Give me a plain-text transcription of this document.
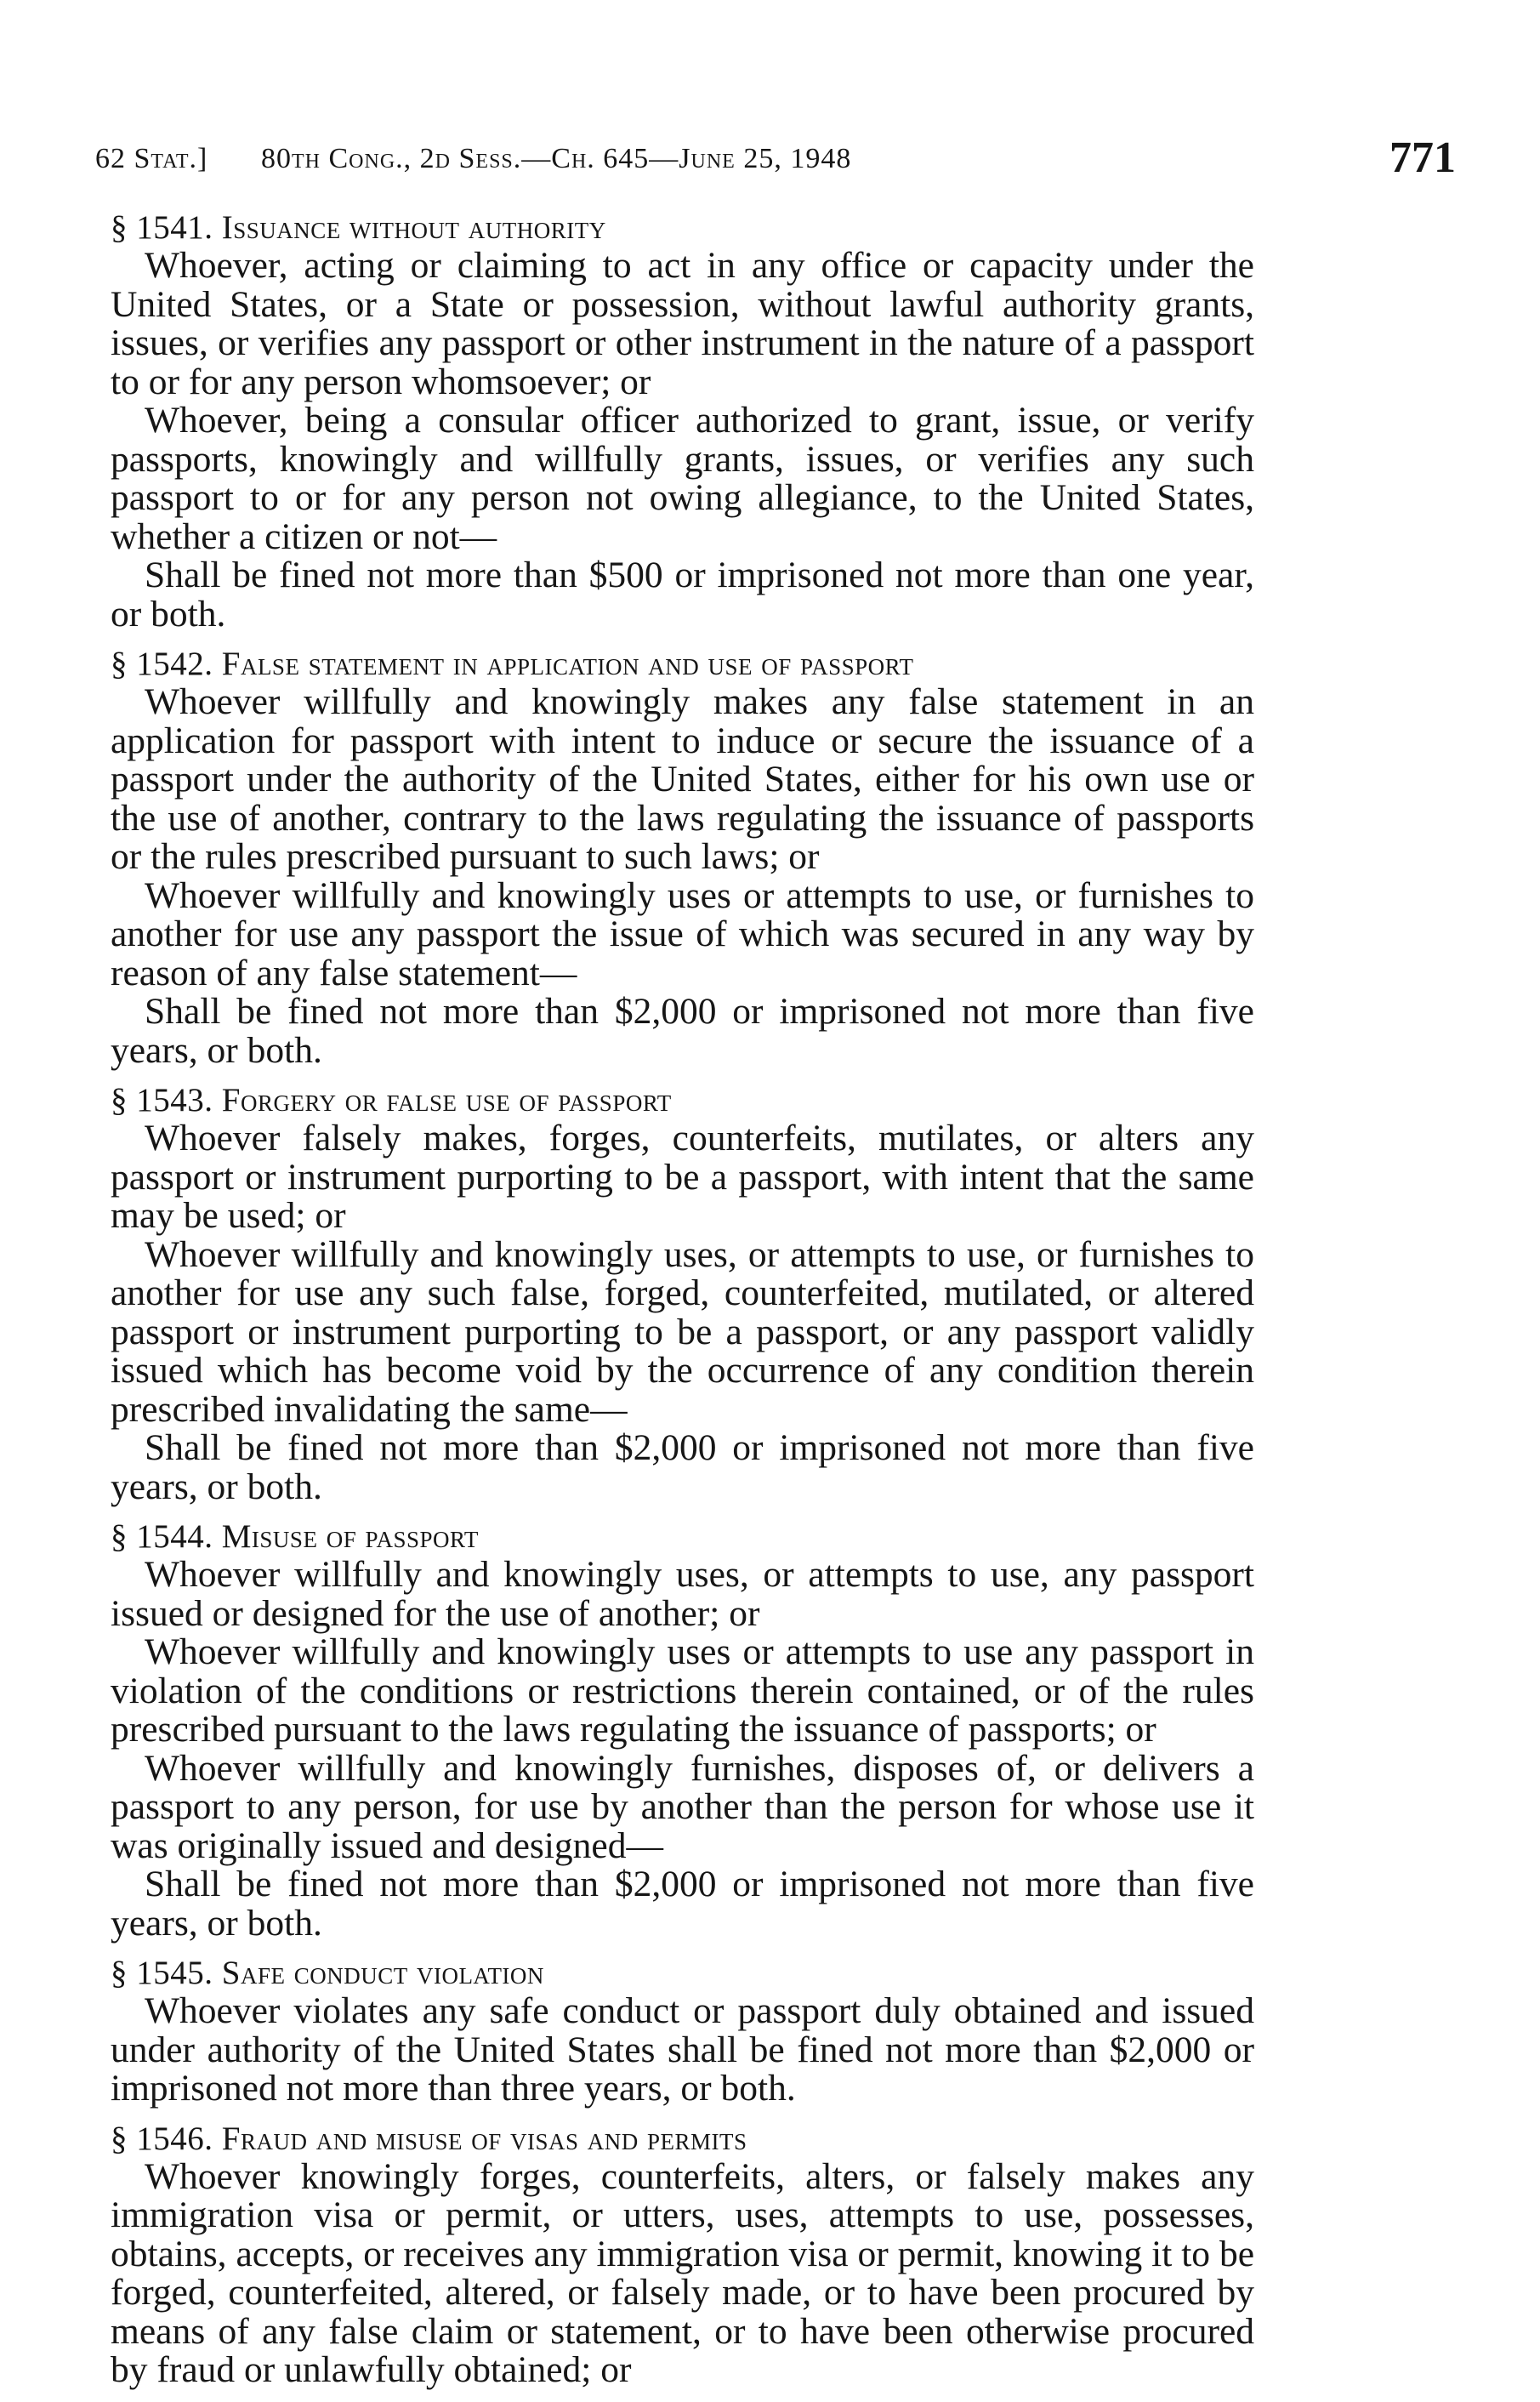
62 Stat.] 80th Cong., 2d Sess.—Ch. 645—June 25, 1948	771
§ 1541. Issuance without authority

Whoever, acting or claiming to act in any office or capacity under the United States, or a State or possession, without lawful authority grants, issues, or verifies any passport or other instrument in the nature of a passport to or for any person whomsoever; or

Whoever, being a consular officer authorized to grant, issue, or verify passports, knowingly and willfully grants, issues, or verifies any such passport to or for any person not owing allegiance, to the United States, whether a citizen or not—

Shall be fined not more than $500 or imprisoned not more than one year, or both.

§ 1542. False statement in application and use of passport

Whoever willfully and knowingly makes any false statement in an application for passport with intent to induce or secure the issuance of a passport under the authority of the United States, either for his own use or the use of another, contrary to the laws regulating the issuance of passports or the rules prescribed pursuant to such laws; or

Whoever willfully and knowingly uses or attempts to use, or furnishes to another for use any passport the issue of which was secured in any way by reason of any false statement—

Shall be fined not more than $2,000 or imprisoned not more than five years, or both.

§ 1543. Forgery or false use of passport

Whoever falsely makes, forges, counterfeits, mutilates, or alters any passport or instrument purporting to be a passport, with intent that the same may be used; or

Whoever willfully and knowingly uses, or attempts to use, or furnishes to another for use any such false, forged, counterfeited, mutilated, or altered passport or instrument purporting to be a passport, or any passport validly issued which has become void by the occurrence of any condition therein prescribed invalidating the same—

Shall be fined not more than $2,000 or imprisoned not more than five years, or both.

§ 1544. Misuse of passport

Whoever willfully and knowingly uses, or attempts to use, any passport issued or designed for the use of another; or

Whoever willfully and knowingly uses or attempts to use any passport in violation of the conditions or restrictions therein contained, or of the rules prescribed pursuant to the laws regulating the issuance of passports; or

Whoever willfully and knowingly furnishes, disposes of, or delivers a passport to any person, for use by another than the person for whose use it was originally issued and designed—

Shall be fined not more than $2,000 or imprisoned not more than five years, or both.

§ 1545. Safe conduct violation

Whoever violates any safe conduct or passport duly obtained and issued under authority of the United States shall be fined not more than $2,000 or imprisoned not more than three years, or both.

§ 1546. Fraud and misuse of visas and permits

Whoever knowingly forges, counterfeits, alters, or falsely makes any immigration visa or permit, or utters, uses, attempts to use, possesses, obtains, accepts, or receives any immigration visa or permit, knowing it to be forged, counterfeited, altered, or falsely made, or to have been procured by means of any false claim or statement, or to have been otherwise procured by fraud or unlawfully obtained; or
